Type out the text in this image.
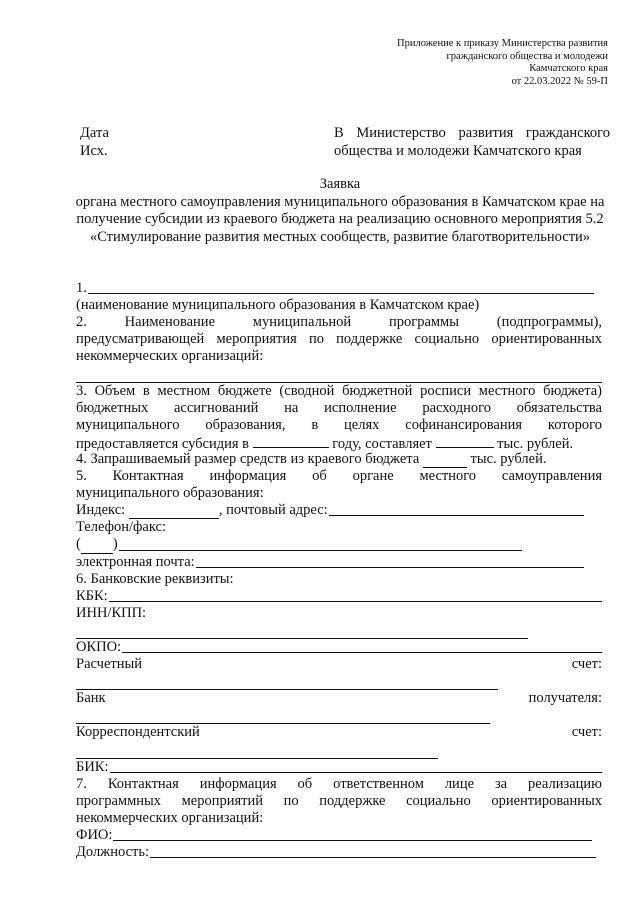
Приложение к приказу Министерства развития
гражданского общества и молодежи
Камчатского края
от 22.03.2022 № 59-П
Дата
Исх.
В Министерство развития гражданского общества и молодежи Камчатского края
Заявка
органа местного самоуправления муниципального образования в Камчатском крае на получение субсидии из краевого бюджета на реализацию основного мероприятия 5.2 «Стимулирование развития местных сообществ, развитие благотворительности»
1.
(наименование муниципального образования в Камчатском крае)
2. Наименование муниципальной программы (подпрограммы),
предусматривающей мероприятия по поддержке социально ориентированных
некоммерческих организаций:
3. Объем в местном бюджете (сводной бюджетной росписи местного бюджета)
бюджетных ассигнований на исполнение расходного обязательства
муниципального образования, в целях софинансирования которого
предоставляется субсидия в	году, составляет	тыс. рублей.
4. Запрашиваемый размер средств из краевого бюджета

	тыс. рублей.
5. Контактная информация об органе местного самоуправления
муниципального образования:
Индекс:
	, почтовый адрес:
Телефон/факс:
( )
электронная почта:
6. Банковские реквизиты:
КБК:
ИНН/КПП:
ОКПО:
Расчетный	счет:
Банк	получателя:
Корреспондентский	счет:
БИК:
7. Контактная информация об ответственном лице за реализацию
программных мероприятий по поддержке социально ориентированных
некоммерческих организаций:
ФИО:
Должность:
